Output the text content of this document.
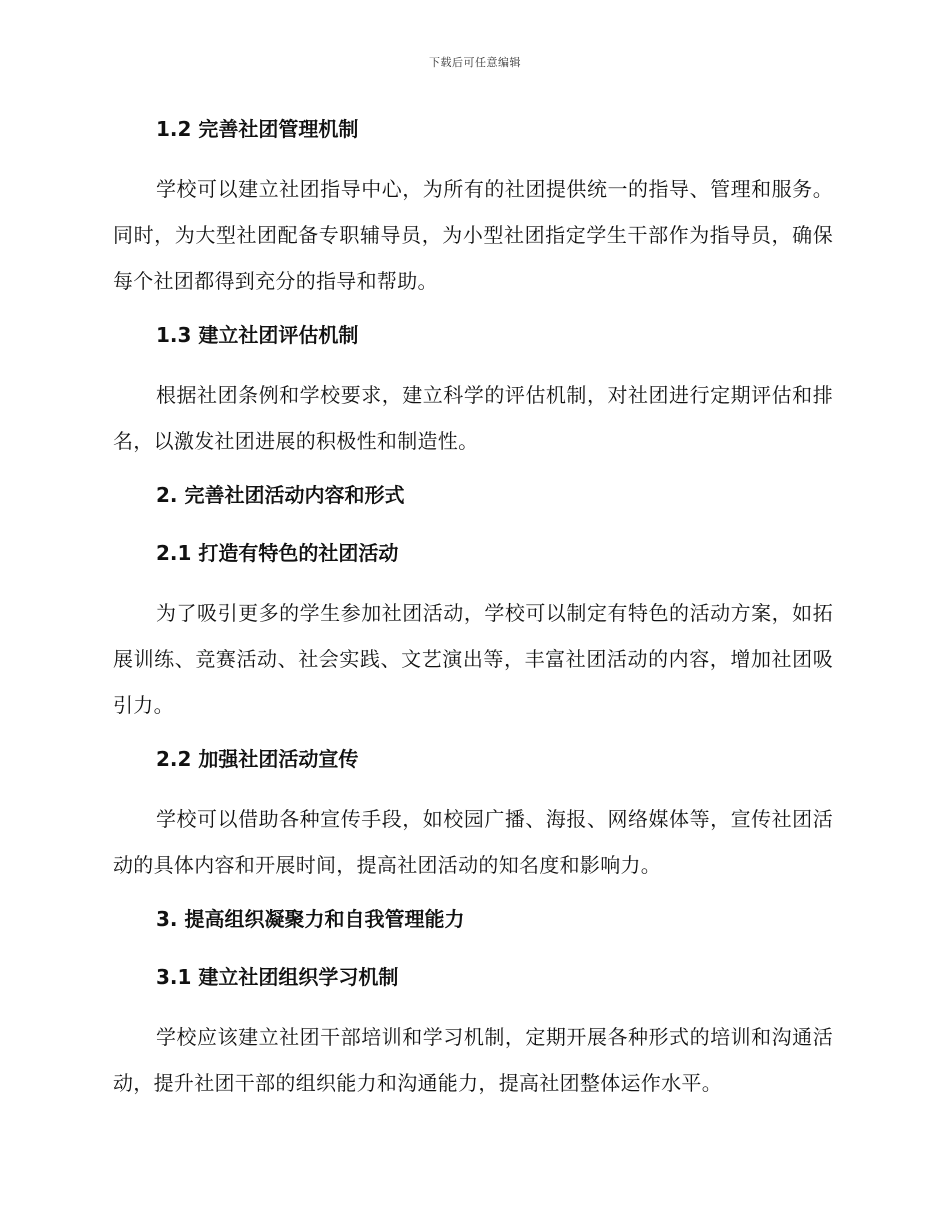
下载后可任意编辑

1.2 完善社团管理机制

学校可以建立社团指导中心，为所有的社团提供统一的指导、管理和服务。同时，为大型社团配备专职辅导员，为小型社团指定学生干部作为指导员，确保每个社团都得到充分的指导和帮助。

1.3 建立社团评估机制

根据社团条例和学校要求，建立科学的评估机制，对社团进行定期评估和排名，以激发社团进展的积极性和制造性。

2. 完善社团活动内容和形式

2.1 打造有特色的社团活动

为了吸引更多的学生参加社团活动，学校可以制定有特色的活动方案，如拓展训练、竞赛活动、社会实践、文艺演出等，丰富社团活动的内容，增加社团吸引力。

2.2 加强社团活动宣传

学校可以借助各种宣传手段，如校园广播、海报、网络媒体等，宣传社团活动的具体内容和开展时间，提高社团活动的知名度和影响力。

3. 提高组织凝聚力和自我管理能力

3.1 建立社团组织学习机制

学校应该建立社团干部培训和学习机制，定期开展各种形式的培训和沟通活动，提升社团干部的组织能力和沟通能力，提高社团整体运作水平。
